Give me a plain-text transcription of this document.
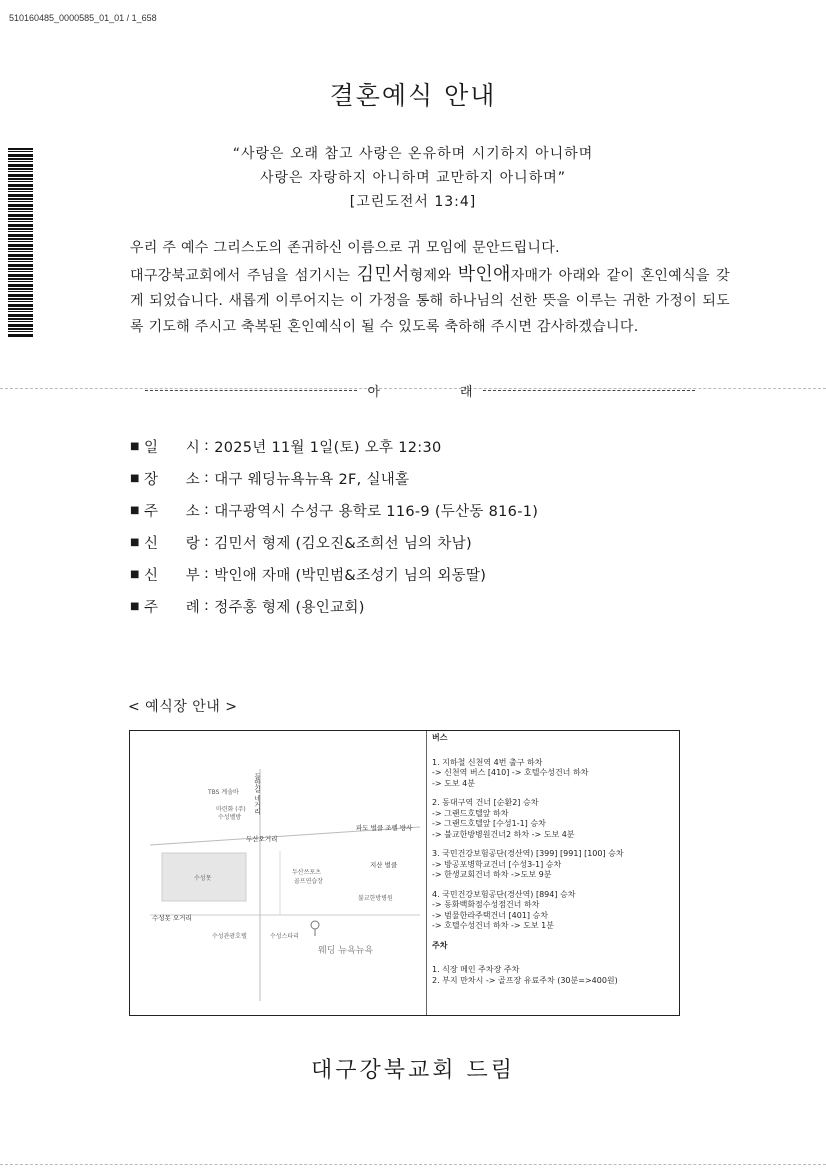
510160485_0000585_01_01 / 1_658
결혼예식 안내
“사랑은 오래 참고 사랑은 온유하며 시기하지 아니하며
사랑은 자랑하지 아니하며 교만하지 아니하며”
[고린도전서 13:4]

우리 주 예수 그리스도의 존귀하신 이름으로 귀 모임에 문안드립니다.

대구강북교회에서 주님을 섬기시는 김민서형제와 박인애자매가 아래와 같이 혼인예식을 갖게 되었습니다. 새롭게 이루어지는 이 가정을 통해 하나님의 선한 뜻을 이루는 귀한 가정이 되도록 기도해 주시고 축복된 혼인예식이 될 수 있도록 축하해 주시면 감사하겠습니다.

아	래
■ 일 시 : 2025년 11월 1일(토) 오후 12:30
■ 장 소 : 대구 웨딩뉴욕뉴욕 2F, 실내홀
■ 주 소 : 대구광역시 수성구 용학로 116-9 (두산동 816-1)
■ 신 랑 : 김민서 형제 (김오진&조희선 님의 차남)
■ 신 부 : 박인애 자매 (박민범&조성기 님의 외동딸)
■ 주 례 : 정주홍 형제 (용인교회)
< 예식장 안내 >
들안길 네거리
TBS 계솔바
마련화 (주)
수성벨방
두산오거리
수성못
파도 벌클 조렐 방사
지산 벌클
두산쓰포츠
골프연습장
불교한방병원
수성못 오거리
수성관광호텔	수성스타리
웨딩 뉴욕뉴욕
버스
1. 지하철 신천역 4번 출구 하차
-> 신천역 버스 [410] -> 호텔수성건너 하차
-> 도보 4분
2. 동대구역 건너 [순환2] 승차
-> 그랜드호텔앞 하차
-> 그랜드호텔앞 [수성1-1] 승차
-> 불교한방병원건너2 하차 -> 도보 4분
3. 국민건강보험공단(경산역) [399] [991] [100] 승차
-> 방공포병학교건너 [수성3-1] 승차
-> 한생교회건너 하차 ->도보 9분
4. 국민건강보험공단(경산역) [894] 승차
-> 동화백화점수성점건너 하차
-> 범물한라주택건너 [401] 승차
-> 호텔수성건너 하차 -> 도보 1분
주차
1. 식장 메인 주차장 주차
2. 부지 만차시 -> 골프장 유료주차 (30분=>400원)
대구강북교회 드림
